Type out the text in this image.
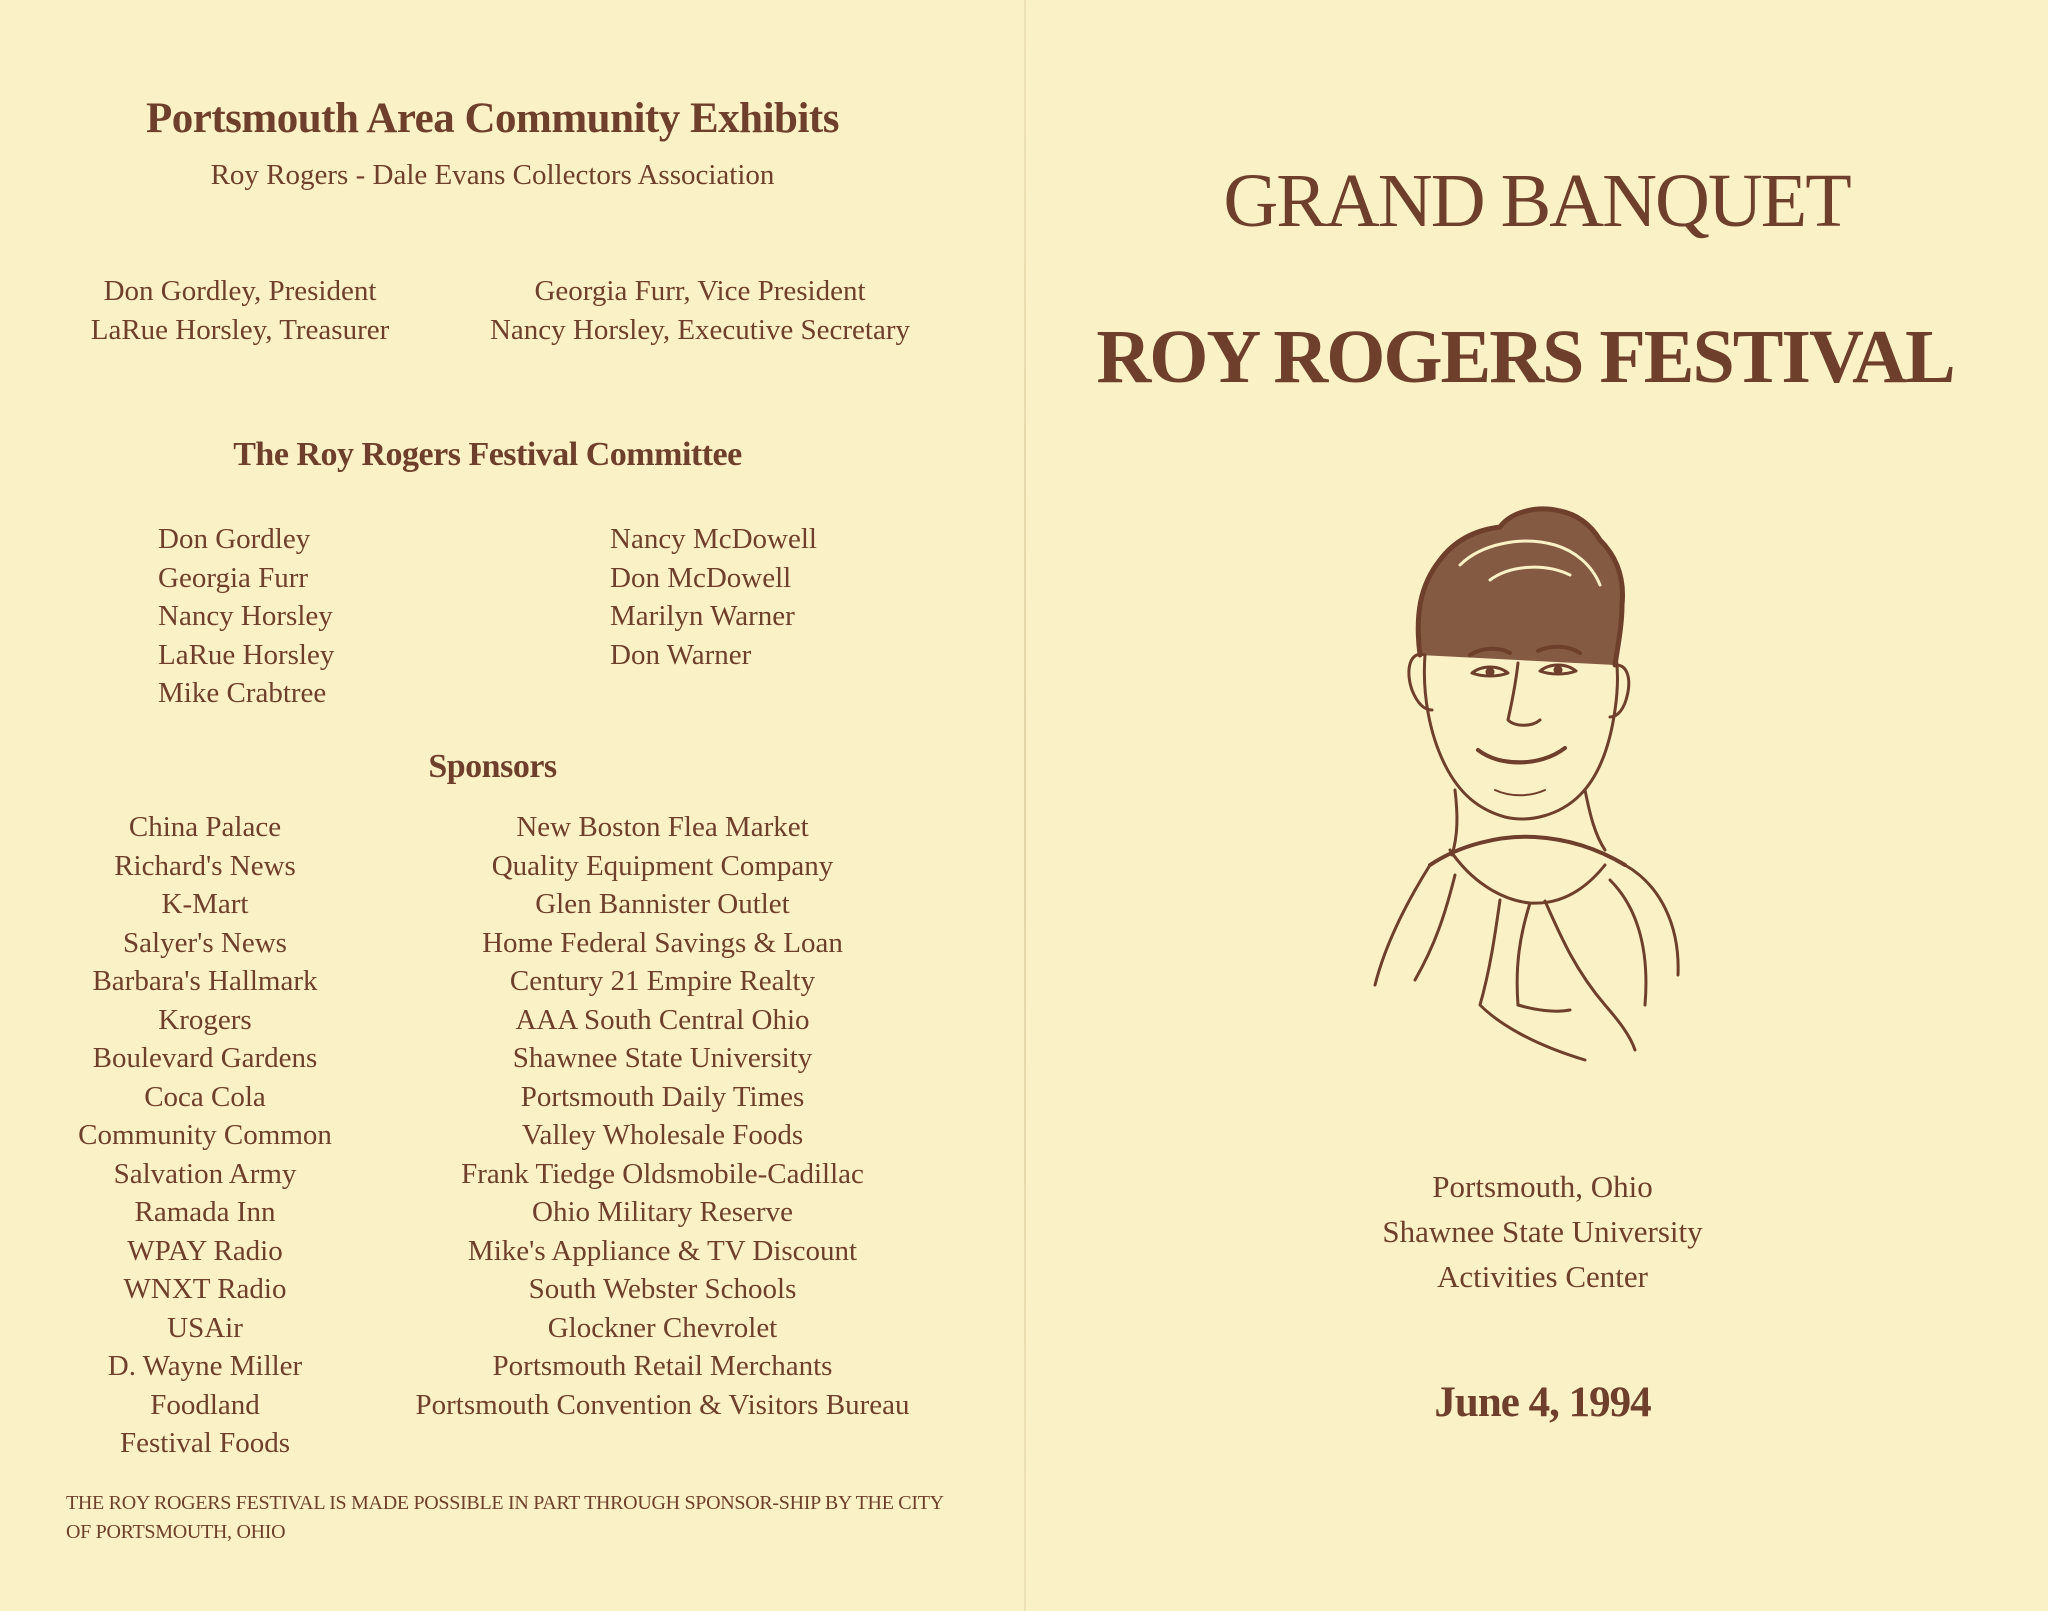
Portsmouth Area Community Exhibits
Roy Rogers - Dale Evans Collectors Association
Don Gordley, President
LaRue Horsley, Treasurer
Georgia Furr, Vice President
Nancy Horsley, Executive Secretary
The Roy Rogers Festival Committee
Don Gordley
Georgia Furr
Nancy Horsley
LaRue Horsley
Mike Crabtree
Nancy McDowell
Don McDowell
Marilyn Warner
Don Warner
Sponsors
China Palace
Richard's News
K-Mart
Salyer's News
Barbara's Hallmark
Krogers
Boulevard Gardens
Coca Cola
Community Common
Salvation Army
Ramada Inn
WPAY Radio
WNXT Radio
USAir
D. Wayne Miller
Foodland
Festival Foods
New Boston Flea Market
Quality Equipment Company
Glen Bannister Outlet
Home Federal Savings & Loan
Century 21 Empire Realty
AAA South Central Ohio
Shawnee State University
Portsmouth Daily Times
Valley Wholesale Foods
Frank Tiedge Oldsmobile-Cadillac
Ohio Military Reserve
Mike's Appliance & TV Discount
South Webster Schools
Glockner Chevrolet
Portsmouth Retail Merchants
Portsmouth Convention & Visitors Bureau
THE ROY ROGERS FESTIVAL IS MADE POSSIBLE IN PART THROUGH SPONSOR-SHIP BY THE CITY OF PORTSMOUTH, OHIO
GRAND BANQUET
ROY ROGERS FESTIVAL
Portsmouth, Ohio
Shawnee State University
Activities Center
June 4, 1994
